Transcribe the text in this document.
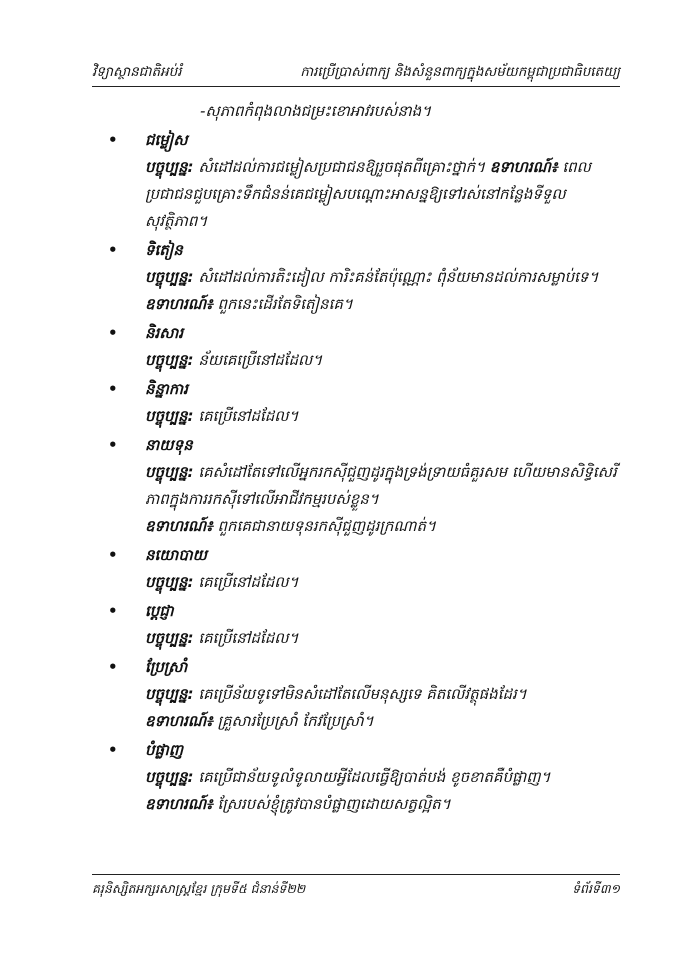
វិទ្យាស្ថានជាតិអប់រំ	ការប្រើប្រាស់ពាក្យ និងសំនួនពាក្យក្នុងសម័យកម្ពុជាប្រជាធិបតេយ្យ
-សុភាពកំពុងលាងជម្រះខោអាវរបស់នាង។
• ជម្លៀស
បច្ចុប្បន្ន: សំដៅដល់ការជម្លៀសប្រជាជនឱ្យរួចផុតពីគ្រោះថ្នាក់។ ឧទាហរណ៍៖ ពេលប្រជាជនជួបគ្រោះទឹកជំនន់គេជម្លៀសបណ្ដោះអាសន្នឱ្យទៅរស់នៅកន្លែងទីទួលសុវត្ថិភាព។
• ទិតៀន
បច្ចុប្បន្ន: សំដៅដល់ការតិះដៀល ការិះគន់តែប៉ុណ្ណោះ ពុំន័យមានដល់ការសម្លាប់ទេ។ ឧទាហរណ៍៖ ពួកនេះដើរតែទិតៀនគេ។
• និរសារ
បច្ចុប្បន្ន: ន័យគេប្រើនៅដដែល។
• និន្នាការ
បច្ចុប្បន្ន: គេប្រើនៅដដែល។
• នាយទុន
បច្ចុប្បន្ន: គេសំដៅតែទៅលើអ្នករកស៊ីជួញដូរក្នុងទ្រង់ទ្រាយធំគួរសម ហើយមានសិទ្ធិសេរីភាពក្នុងការរកស៊ីទៅលើអាជីវកម្មរបស់ខ្លួន។
ឧទាហរណ៍៖ ពួកគេជានាយទុនរកស៊ីជួញដូរក្រណាត់។
• នយោបាយ
បច្ចុប្បន្ន: គេប្រើនៅដដែល។
• ប្ដេជ្ញា
បច្ចុប្បន្ន: គេប្រើនៅដដែល។
• ប្រែស្រាំ
បច្ចុប្បន្ន: គេប្រើន័យទូទៅមិនសំដៅតែលើមនុស្សទេ គិតលើវត្ថុផងដែរ។
ឧទាហរណ៍៖ គ្រួសារប្រែស្រាំ កែវប្រែស្រាំ។
• បំផ្លាញ
បច្ចុប្បន្ន: គេប្រើជាន័យទូលំទូលាយអ្វីដែលធ្វើឱ្យបាត់បង់ ខូចខាតគឺបំផ្លាញ។
ឧទាហរណ៍៖ ស្រែរបស់ខ្ញុំត្រូវបានបំផ្លាញដោយសត្វល្អិត។
គរុនិស្សិតអក្សរសាស្ត្រខ្មែរ ក្រុមទី៥ ជំនាន់ទី២២	ទំព័រទី៣១
